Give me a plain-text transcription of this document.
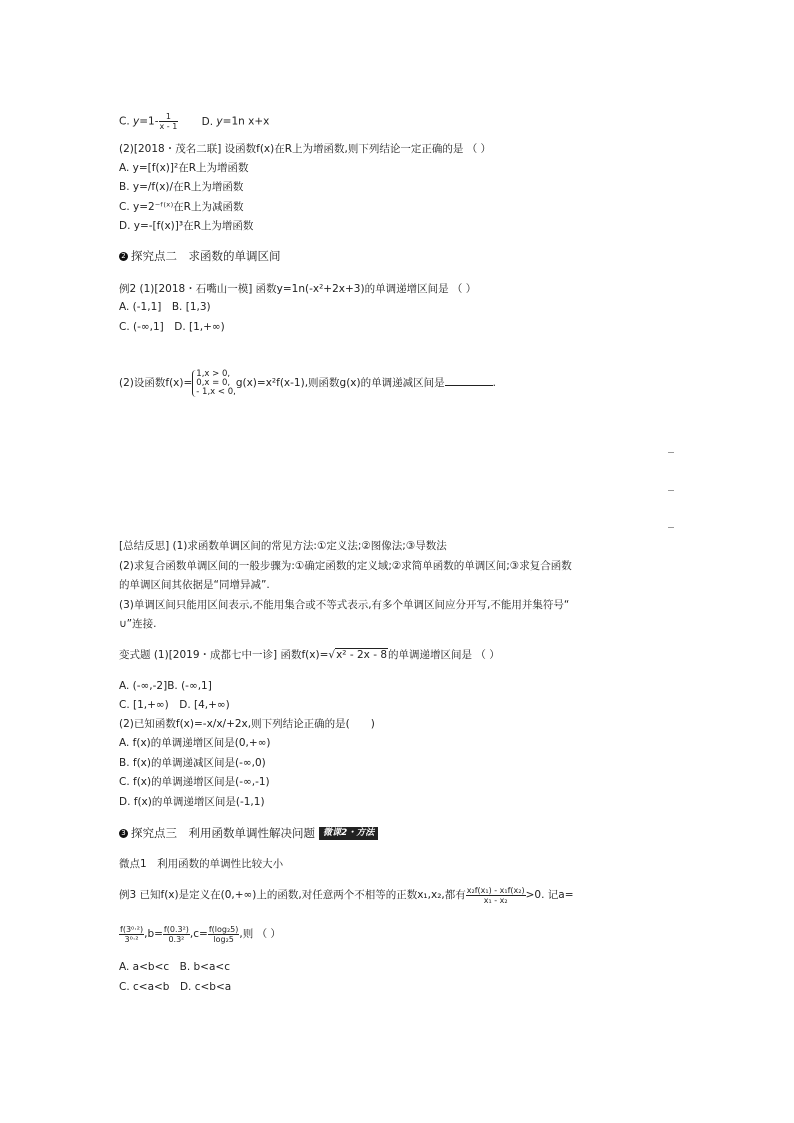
C. $y=1- \frac{1}{x - 1} D$. y=1n x+x
(2)[2018・茂名二联] 设函数f(x)在R上为增函数,则下列结论一定正确的是 （ ）
A. y=[f(x)]²在R上为增函数
B. y=/f(x)/在R上为增函数
C. y=2⁻ᶠ⁽ˣ⁾在R上为减函数
D. y=-[f(x)]³在R上为增函数
2 探究点二　求函数的单调区间
例2 (1)[2018・石嘴山一模] 函数y=1n(-x²+2x+3)的单调递增区间是 （ ）
A. (-1,1]　B. [1,3)
C. (-∞,1]　D. [1,+∞)
(2)设函数f(x)=
1,x > 0,
0,x = 0,
- 1,x < 0,
g(x)=x²f(x-1),则函数g(x)的单调递减区间是	.
[总结反思] (1)求函数单调区间的常见方法:①定义法;②图像法;③导数法
(2)求复合函数单调区间的一般步骤为:①确定函数的定义域;②求简单函数的单调区间;③求复合函数
的单调区间其依据是“同增异减”.
(3)单调区间只能用区间表示,不能用集合或不等式表示,有多个单调区间应分开写,不能用并集符号“
∪”连接.
变式题 (1)[2019・成都七中一诊] 函数f(x)=√x² - 2x - 8的单调递增区间是 （ ）
A. (-∞,-2]B. (-∞,1]
C. [1,+∞)　D. [4,+∞)
(2)已知函数f(x)=-x/x/+2x,则下列结论正确的是(　　)
A. f(x)的单调递增区间是(0,+∞)
B. f(x)的单调递减区间是(-∞,0)
C. f(x)的单调递增区间是(-∞,-1)
D. f(x)的单调递增区间是(-1,1)
3 探究点三　利用函数单调性解决问题 微课2・方法
微点1　利用函数的单调性比较大小
例3 已知f(x)是定义在(0,+∞)上的函数,对任意两个不相等的正数x₁,x₂,都有 $\frac{\text{x₂f(x₁) - x₁f(x₂)}}{\text{x₁ - x₂}} >0$. 记a=
$\frac{\text{f(3⁰·²)}}{\text{3⁰·²}} ,b= \frac{\text{f(0.3²)}}{\text{0.3²}} ,c= \frac{\text{f(log₂5)}}{\text{log₂5}}$ ,则 （ ）
A. a<b<c　B. b<a<c
C. c<a<b　D. c<b<a
